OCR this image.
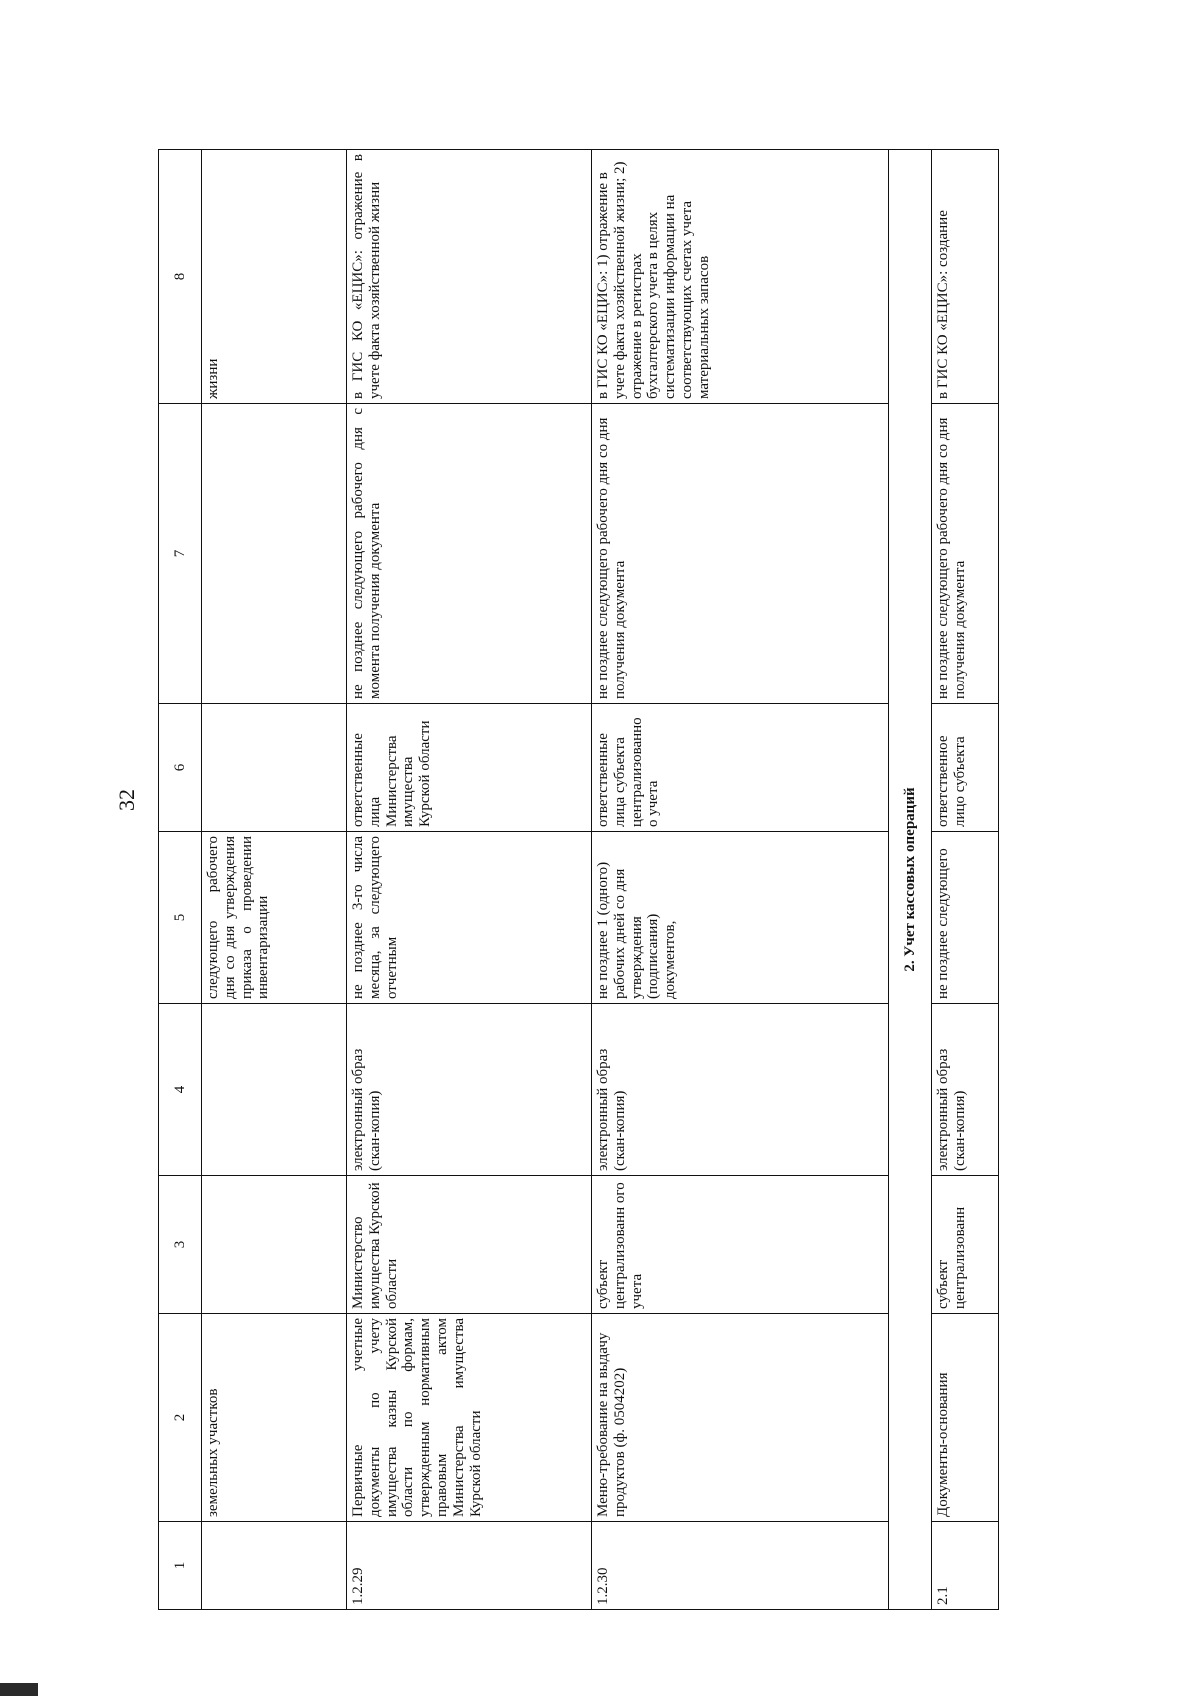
32
1	2	3	4	5	6	7	8
	земельных участков			следующего рабочего дня со дня утверждения приказа о проведении инвентаризации			жизни
1.2.29	Первичные учетные документы по учету имущества казны Курской области по формам, утвержденным нормативным правовым актом Министерства имущества Курской области	Министерство имущества Курской области	электронный образ (скан-копия)	не позднее 3-го числа месяца, за следующего отчетным	ответственные лица Министерства имущества Курской области	не позднее следующего рабочего дня с момента получения документа	в ГИС КО «ЕЦИС»: отражение в учете факта хозяйственной жизни
1.2.30	Меню-требование на выдачу продуктов (ф. 0504202)	субъект централизованн ого учета	электронный образ (скан-копия)	не позднее 1 (одного) рабочих дней со дня утверждения (подписания) документов,	ответственные лица субъекта централизованно о учета	не позднее следующего рабочего дня со дня получения документа	в ГИС КО «ЕЦИС»: 1) отражение в учете факта хозяйственной жизни; 2) отражение в регистрах бухгалтерского учета в целях систематизации информации на соответствующих счетах учета материальных запасов
2. Учет кассовых операций							
2.1	Документы-основания	субъект централизованн	электронный образ (скан-копия)	не позднее следующего	ответственное лицо субъекта	не позднее следующего рабочего дня со дня получения документа	в ГИС КО «ЕЦИС»: создание
